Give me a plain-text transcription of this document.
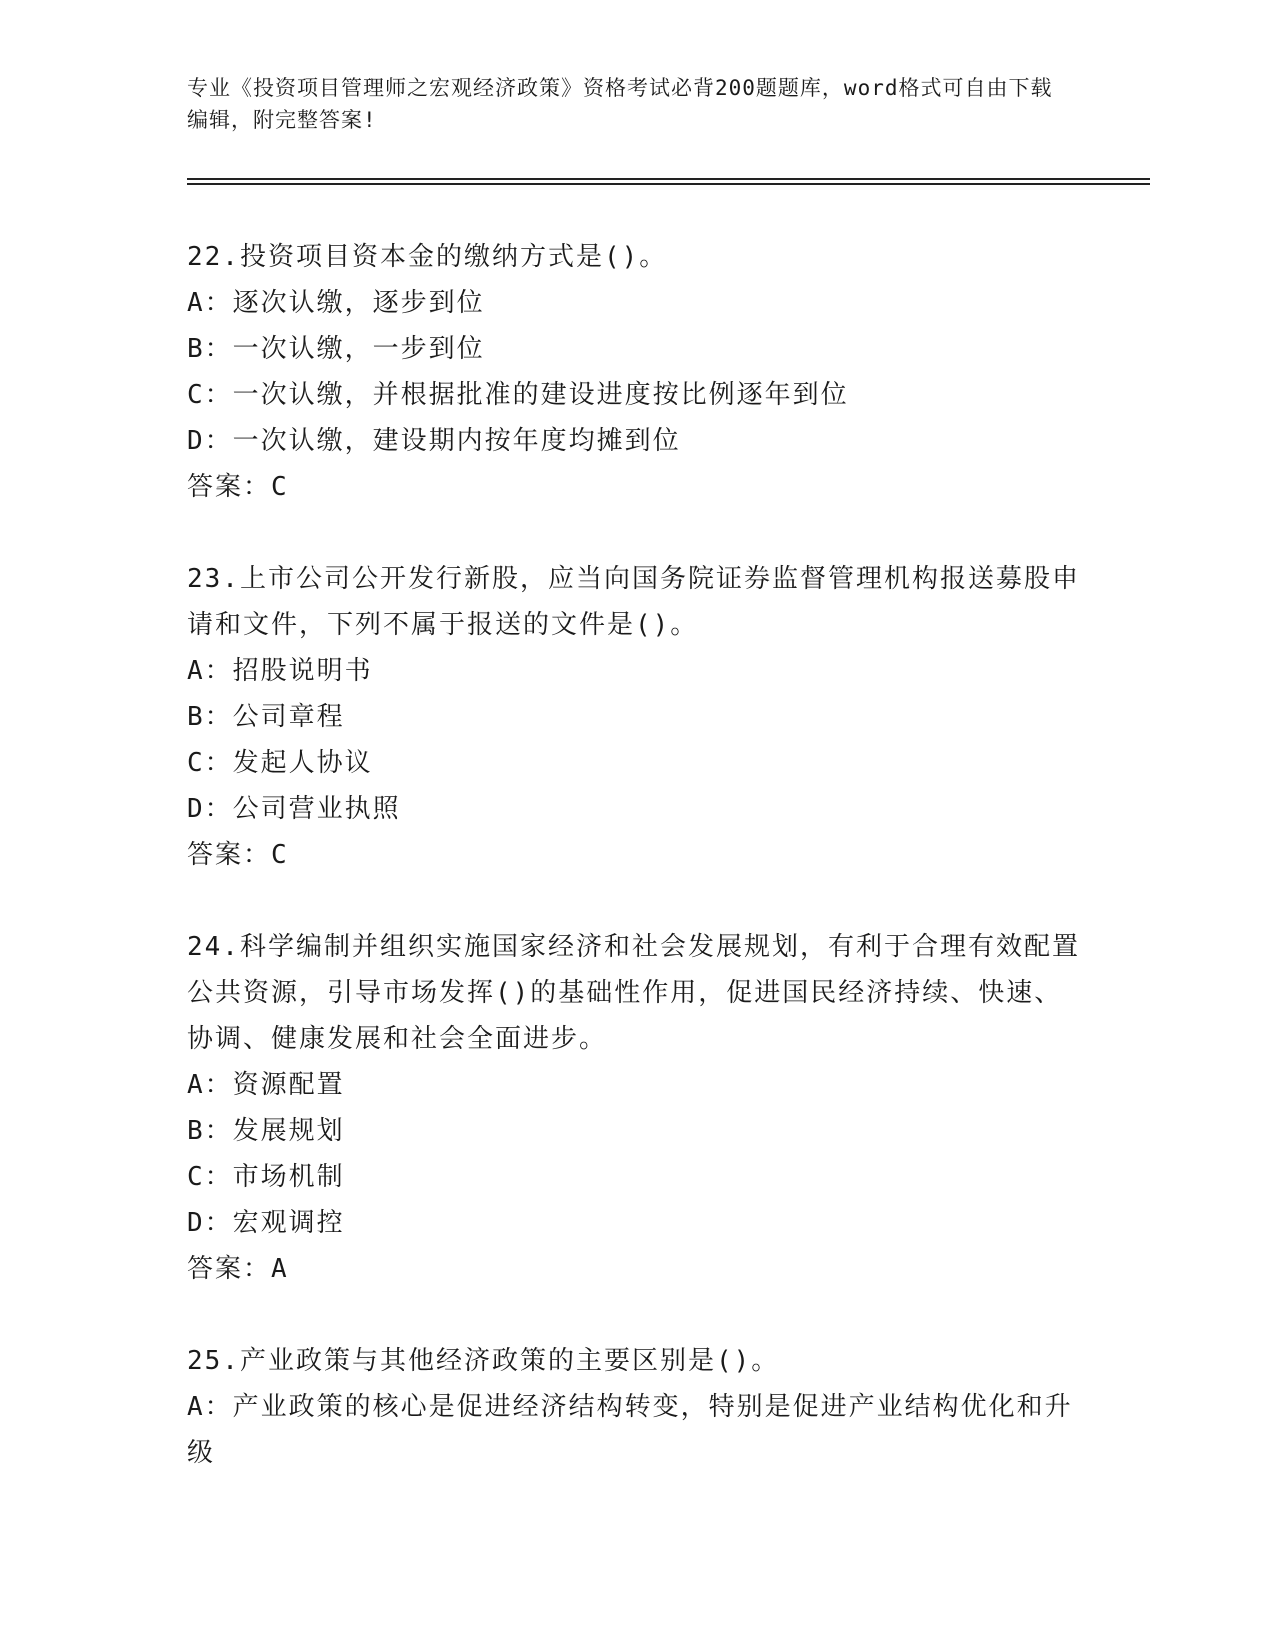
专业《投资项目管理师之宏观经济政策》资格考试必背200题题库，word格式可自由下载编辑，附完整答案!
22.投资项目资本金的缴纳方式是()。
A：逐次认缴，逐步到位
B：一次认缴，一步到位
C：一次认缴，并根据批准的建设进度按比例逐年到位
D：一次认缴，建设期内按年度均摊到位
答案：C
23.上市公司公开发行新股，应当向国务院证券监督管理机构报送募股申请和文件，下列不属于报送的文件是()。
A：招股说明书
B：公司章程
C：发起人协议
D：公司营业执照
答案：C
24.科学编制并组织实施国家经济和社会发展规划，有利于合理有效配置公共资源，引导市场发挥()的基础性作用，促进国民经济持续、快速、协调、健康发展和社会全面进步。
A：资源配置
B：发展规划
C：市场机制
D：宏观调控
答案：A
25.产业政策与其他经济政策的主要区别是()。
A：产业政策的核心是促进经济结构转变，特别是促进产业结构优化和升级
